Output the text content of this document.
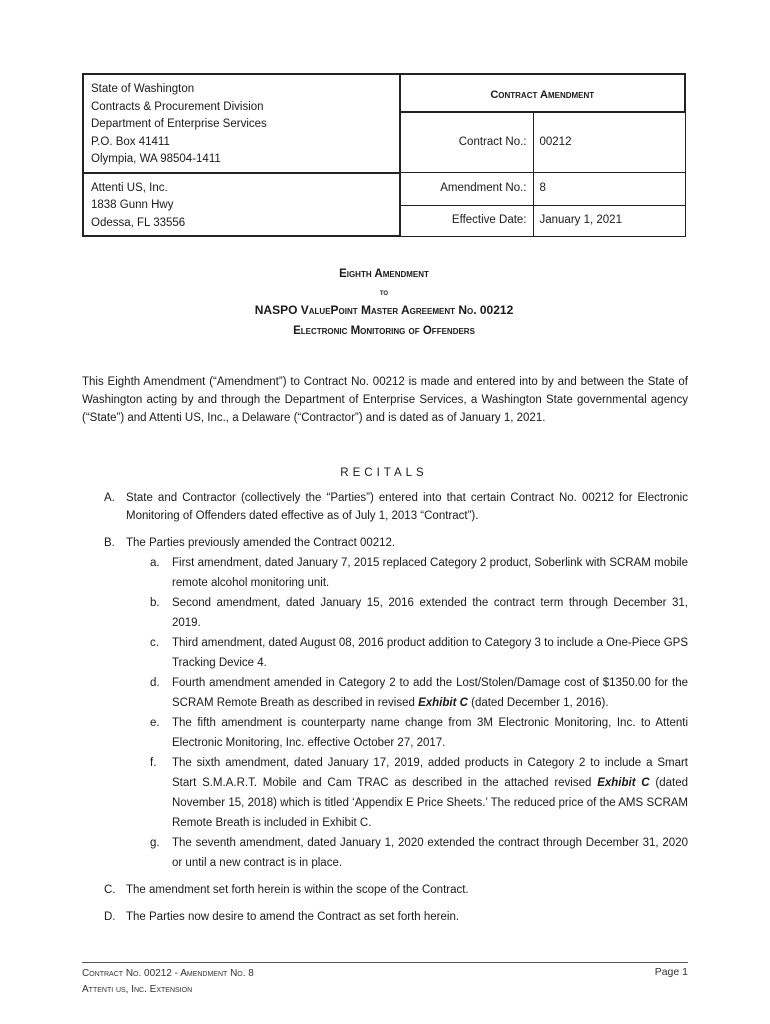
State of Washington
Contracts & Procurement Division
Department of Enterprise Services
P.O. Box 41411
Olympia, WA 98504-1411	Contract Amendment	
	Contract No.:	00212

Attenti US, Inc.
1838 Gunn Hwy
Odessa, FL 33556	Amendment No.:	8
	Effective Date:	January 1, 2021
Eighth Amendment
to
NASPO ValuePoint Master Agreement No. 00212
Electronic Monitoring of Offenders
This Eighth Amendment (“Amendment”) to Contract No. 00212 is made and entered into by and between the State of Washington acting by and through the Department of Enterprise Services, a Washington State governmental agency (“State”) and Attenti US, Inc., a Delaware (“Contractor”) and is dated as of January 1, 2021.
RECITALS
A. State and Contractor (collectively the “Parties”) entered into that certain Contract No. 00212 for Electronic Monitoring of Offenders dated effective as of July 1, 2013 “Contract”).
B. The Parties previously amended the Contract 00212.
a. First amendment, dated January 7, 2015 replaced Category 2 product, Soberlink with SCRAM mobile remote alcohol monitoring unit.
b. Second amendment, dated January 15, 2016 extended the contract term through December 31, 2019.
c. Third amendment, dated August 08, 2016 product addition to Category 3 to include a One-Piece GPS Tracking Device 4.
d. Fourth amendment amended in Category 2 to add the Lost/Stolen/Damage cost of $1350.00 for the SCRAM Remote Breath as described in revised Exhibit C (dated December 1, 2016).
e. The fifth amendment is counterparty name change from 3M Electronic Monitoring, Inc. to Attenti Electronic Monitoring, Inc. effective October 27, 2017.
f. The sixth amendment, dated January 17, 2019, added products in Category 2 to include a Smart Start S.M.A.R.T. Mobile and Cam TRAC as described in the attached revised Exhibit C (dated November 15, 2018) which is titled ‘Appendix E Price Sheets.’ The reduced price of the AMS SCRAM Remote Breath is included in Exhibit C.
g. The seventh amendment, dated January 1, 2020 extended the contract through December 31, 2020 or until a new contract is in place.
C. The amendment set forth herein is within the scope of the Contract.
D. The Parties now desire to amend the Contract as set forth herein.
Contract No. 00212 - Amendment No. 8
Attenti us, Inc. Extension
Page 1
